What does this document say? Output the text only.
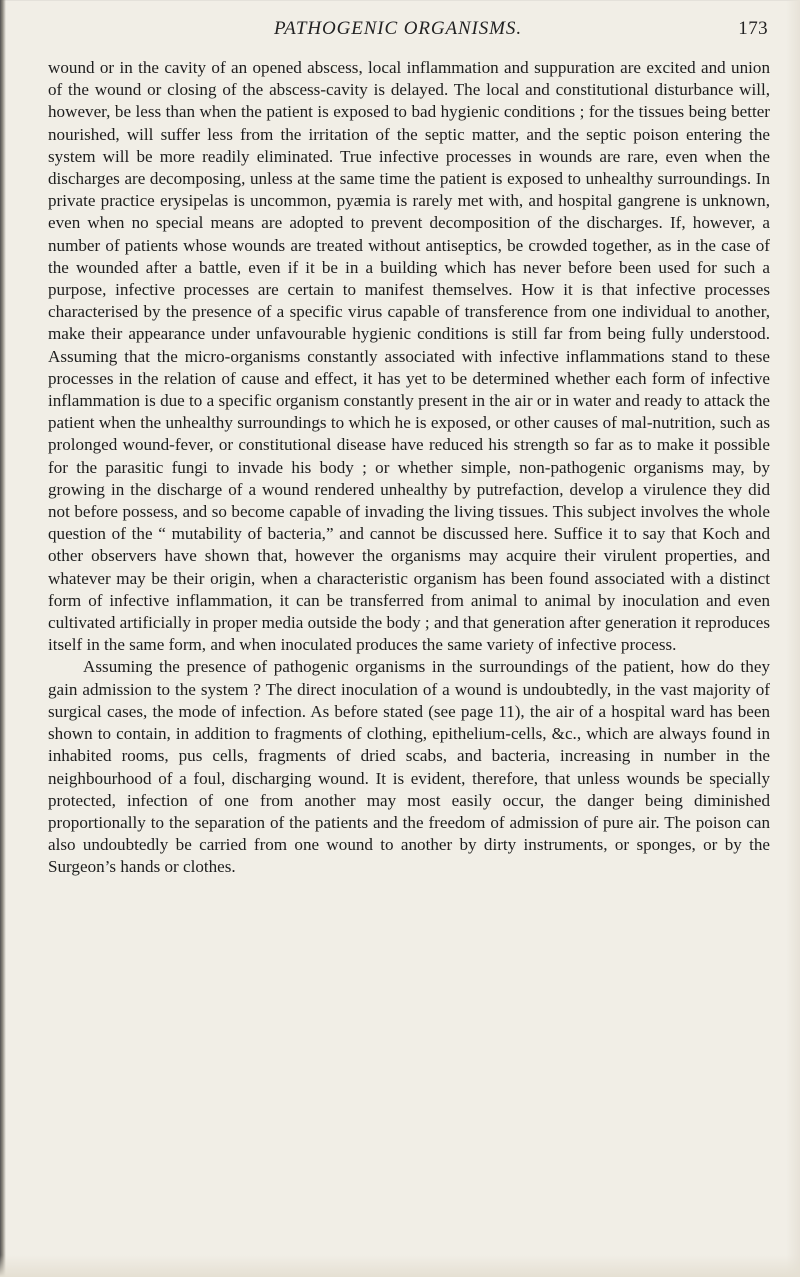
PATHOGENIC ORGANISMS.	173

wound or in the cavity of an opened abscess, local inflammation and suppuration are excited and union of the wound or closing of the abscess-cavity is delayed. The local and constitutional disturbance will, however, be less than when the patient is exposed to bad hygienic conditions ; for the tissues being better nourished, will suffer less from the irritation of the septic matter, and the septic poison entering the system will be more readily eliminated. True infective processes in wounds are rare, even when the discharges are decomposing, unless at the same time the patient is exposed to unhealthy surroundings. In private practice erysipelas is uncommon, pyæmia is rarely met with, and hospital gangrene is unknown, even when no special means are adopted to prevent decomposition of the discharges. If, however, a number of patients whose wounds are treated without antiseptics, be crowded together, as in the case of the wounded after a battle, even if it be in a building which has never before been used for such a purpose, infective processes are certain to manifest themselves. How it is that infective processes characterised by the presence of a specific virus capable of transference from one individual to another, make their appearance under unfavourable hygienic conditions is still far from being fully understood. Assuming that the micro-organisms constantly associated with infective inflammations stand to these processes in the relation of cause and effect, it has yet to be determined whether each form of infective inflammation is due to a specific organism constantly present in the air or in water and ready to attack the patient when the unhealthy surroundings to which he is exposed, or other causes of mal-nutrition, such as prolonged wound-fever, or constitutional disease have reduced his strength so far as to make it possible for the parasitic fungi to invade his body ; or whether simple, non-pathogenic organisms may, by growing in the discharge of a wound rendered unhealthy by putrefaction, develop a virulence they did not before possess, and so become capable of invading the living tissues. This subject involves the whole question of the “ mutability of bacteria,” and cannot be discussed here. Suffice it to say that Koch and other observers have shown that, however the organisms may acquire their virulent properties, and whatever may be their origin, when a characteristic organism has been found associated with a distinct form of infective inflammation, it can be transferred from animal to animal by inoculation and even cultivated artificially in proper media outside the body ; and that generation after generation it reproduces itself in the same form, and when inoculated produces the same variety of infective process.

Assuming the presence of pathogenic organisms in the surroundings of the patient, how do they gain admission to the system ? The direct inoculation of a wound is undoubtedly, in the vast majority of surgical cases, the mode of infection. As before stated (see page 11), the air of a hospital ward has been shown to contain, in addition to fragments of clothing, epithelium-cells, &c., which are always found in inhabited rooms, pus cells, fragments of dried scabs, and bacteria, increasing in number in the neighbourhood of a foul, discharging wound. It is evident, therefore, that unless wounds be specially protected, infection of one from another may most easily occur, the danger being diminished proportionally to the separation of the patients and the freedom of admission of pure air. The poison can also undoubtedly be carried from one wound to another by dirty instruments, or sponges, or by the Surgeon’s hands or clothes.
